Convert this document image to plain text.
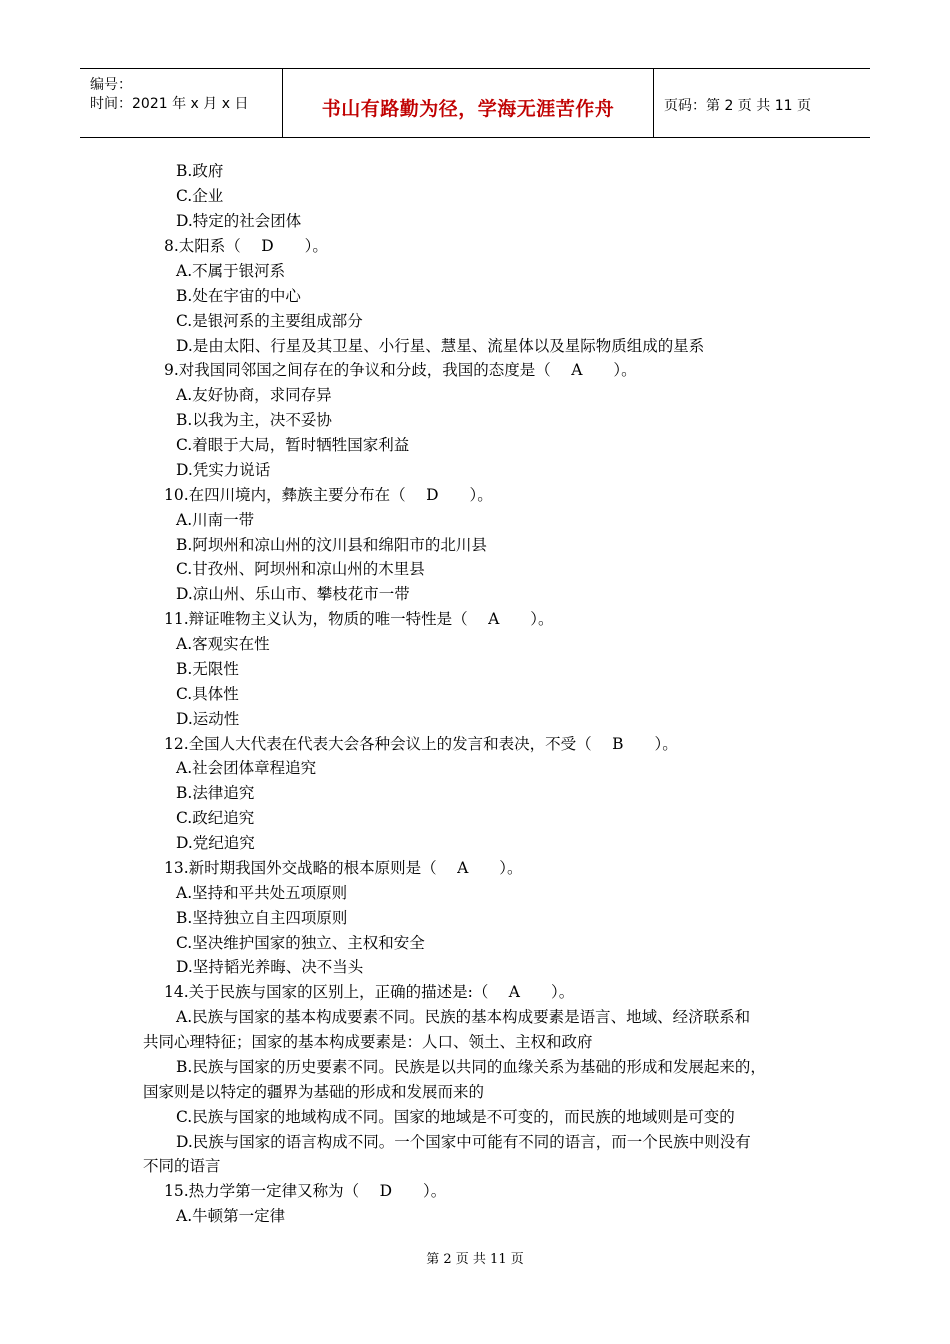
编号：
时间：2021 年 x 月 x 日	书山有路勤为径，学海无涯苦作舟	页码：第 2 页 共 11 页
B.政府
C.企业
D.特定的社会团体
8.太阳系（　 D　　）。
A.不属于银河系
B.处在宇宙的中心
C.是银河系的主要组成部分
D.是由太阳、行星及其卫星、小行星、慧星、流星体以及星际物质组成的星系
9.对我国同邻国之间存在的争议和分歧，我国的态度是（　 A　　）。
A.友好协商，求同存异
B.以我为主，决不妥协
C.着眼于大局，暂时牺牲国家利益
D.凭实力说话
10.在四川境内，彝族主要分布在（　 D　　）。
A.川南一带
B.阿坝州和凉山州的汶川县和绵阳市的北川县
C.甘孜州、阿坝州和凉山州的木里县
D.凉山州、乐山市、攀枝花市一带
11.辩证唯物主义认为，物质的唯一特性是（　 A　　）。
A.客观实在性
B.无限性
C.具体性
D.运动性
12.全国人大代表在代表大会各种会议上的发言和表决，不受（　 B　　）。
A.社会团体章程追究
B.法律追究
C.政纪追究
D.党纪追究
13.新时期我国外交战略的根本原则是（　 A　　）。
A.坚持和平共处五项原则
B.坚持独立自主四项原则
C.坚决维护国家的独立、主权和安全
D.坚持韬光养晦、决不当头
14.关于民族与国家的区别上，正确的描述是:（　 A　　）。
A.民族与国家的基本构成要素不同。民族的基本构成要素是语言、地域、经济联系和
共同心理特征；国家的基本构成要素是：人口、领土、主权和政府
B.民族与国家的历史要素不同。民族是以共同的血缘关系为基础的形成和发展起来的，
国家则是以特定的疆界为基础的形成和发展而来的
C.民族与国家的地域构成不同。国家的地域是不可变的，而民族的地域则是可变的
D.民族与国家的语言构成不同。一个国家中可能有不同的语言，而一个民族中则没有
不同的语言
15.热力学第一定律又称为（　 D　　）。
A.牛顿第一定律
第 2 页 共 11 页
